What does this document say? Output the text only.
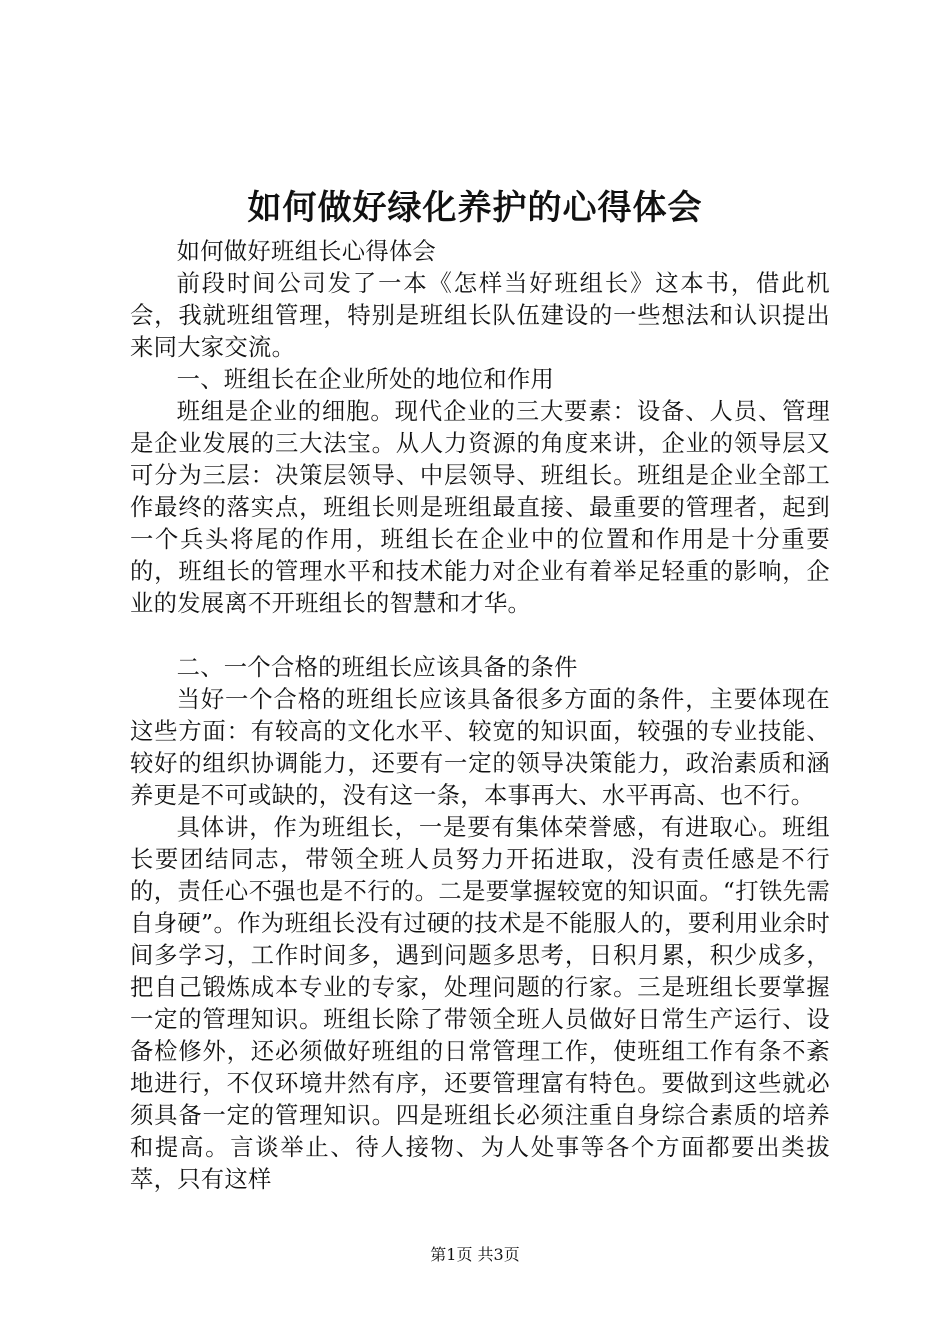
如何做好绿化养护的心得体会

如何做好班组长心得体会

前段时间公司发了一本《怎样当好班组长》这本书，借此机会，我就班组管理，特别是班组长队伍建设的一些想法和认识提出来同大家交流。

一、班组长在企业所处的地位和作用

班组是企业的细胞。现代企业的三大要素：设备、人员、管理是企业发展的三大法宝。从人力资源的角度来讲，企业的领导层又可分为三层：决策层领导、中层领导、班组长。班组是企业全部工作最终的落实点，班组长则是班组最直接、最重要的管理者，起到一个兵头将尾的作用，班组长在企业中的位置和作用是十分重要的，班组长的管理水平和技术能力对企业有着举足轻重的影响，企业的发展离不开班组长的智慧和才华。

二、一个合格的班组长应该具备的条件

当好一个合格的班组长应该具备很多方面的条件，主要体现在这些方面：有较高的文化水平、较宽的知识面，较强的专业技能、较好的组织协调能力，还要有一定的领导决策能力，政治素质和涵养更是不可或缺的，没有这一条，本事再大、水平再高、也不行。

具体讲，作为班组长，一是要有集体荣誉感，有进取心。班组长要团结同志，带领全班人员努力开拓进取，没有责任感是不行的，责任心不强也是不行的。二是要掌握较宽的知识面。“打铁先需自身硬”。作为班组长没有过硬的技术是不能服人的，要利用业余时间多学习，工作时间多，遇到问题多思考，日积月累，积少成多，把自己锻炼成本专业的专家，处理问题的行家。三是班组长要掌握一定的管理知识。班组长除了带领全班人员做好日常生产运行、设备检修外，还必须做好班组的日常管理工作，使班组工作有条不紊地进行，不仅环境井然有序，还要管理富有特色。要做到这些就必须具备一定的管理知识。四是班组长必须注重自身综合素质的培养和提高。言谈举止、待人接物、为人处事等各个方面都要出类拔萃，只有这样

第1页 共3页
